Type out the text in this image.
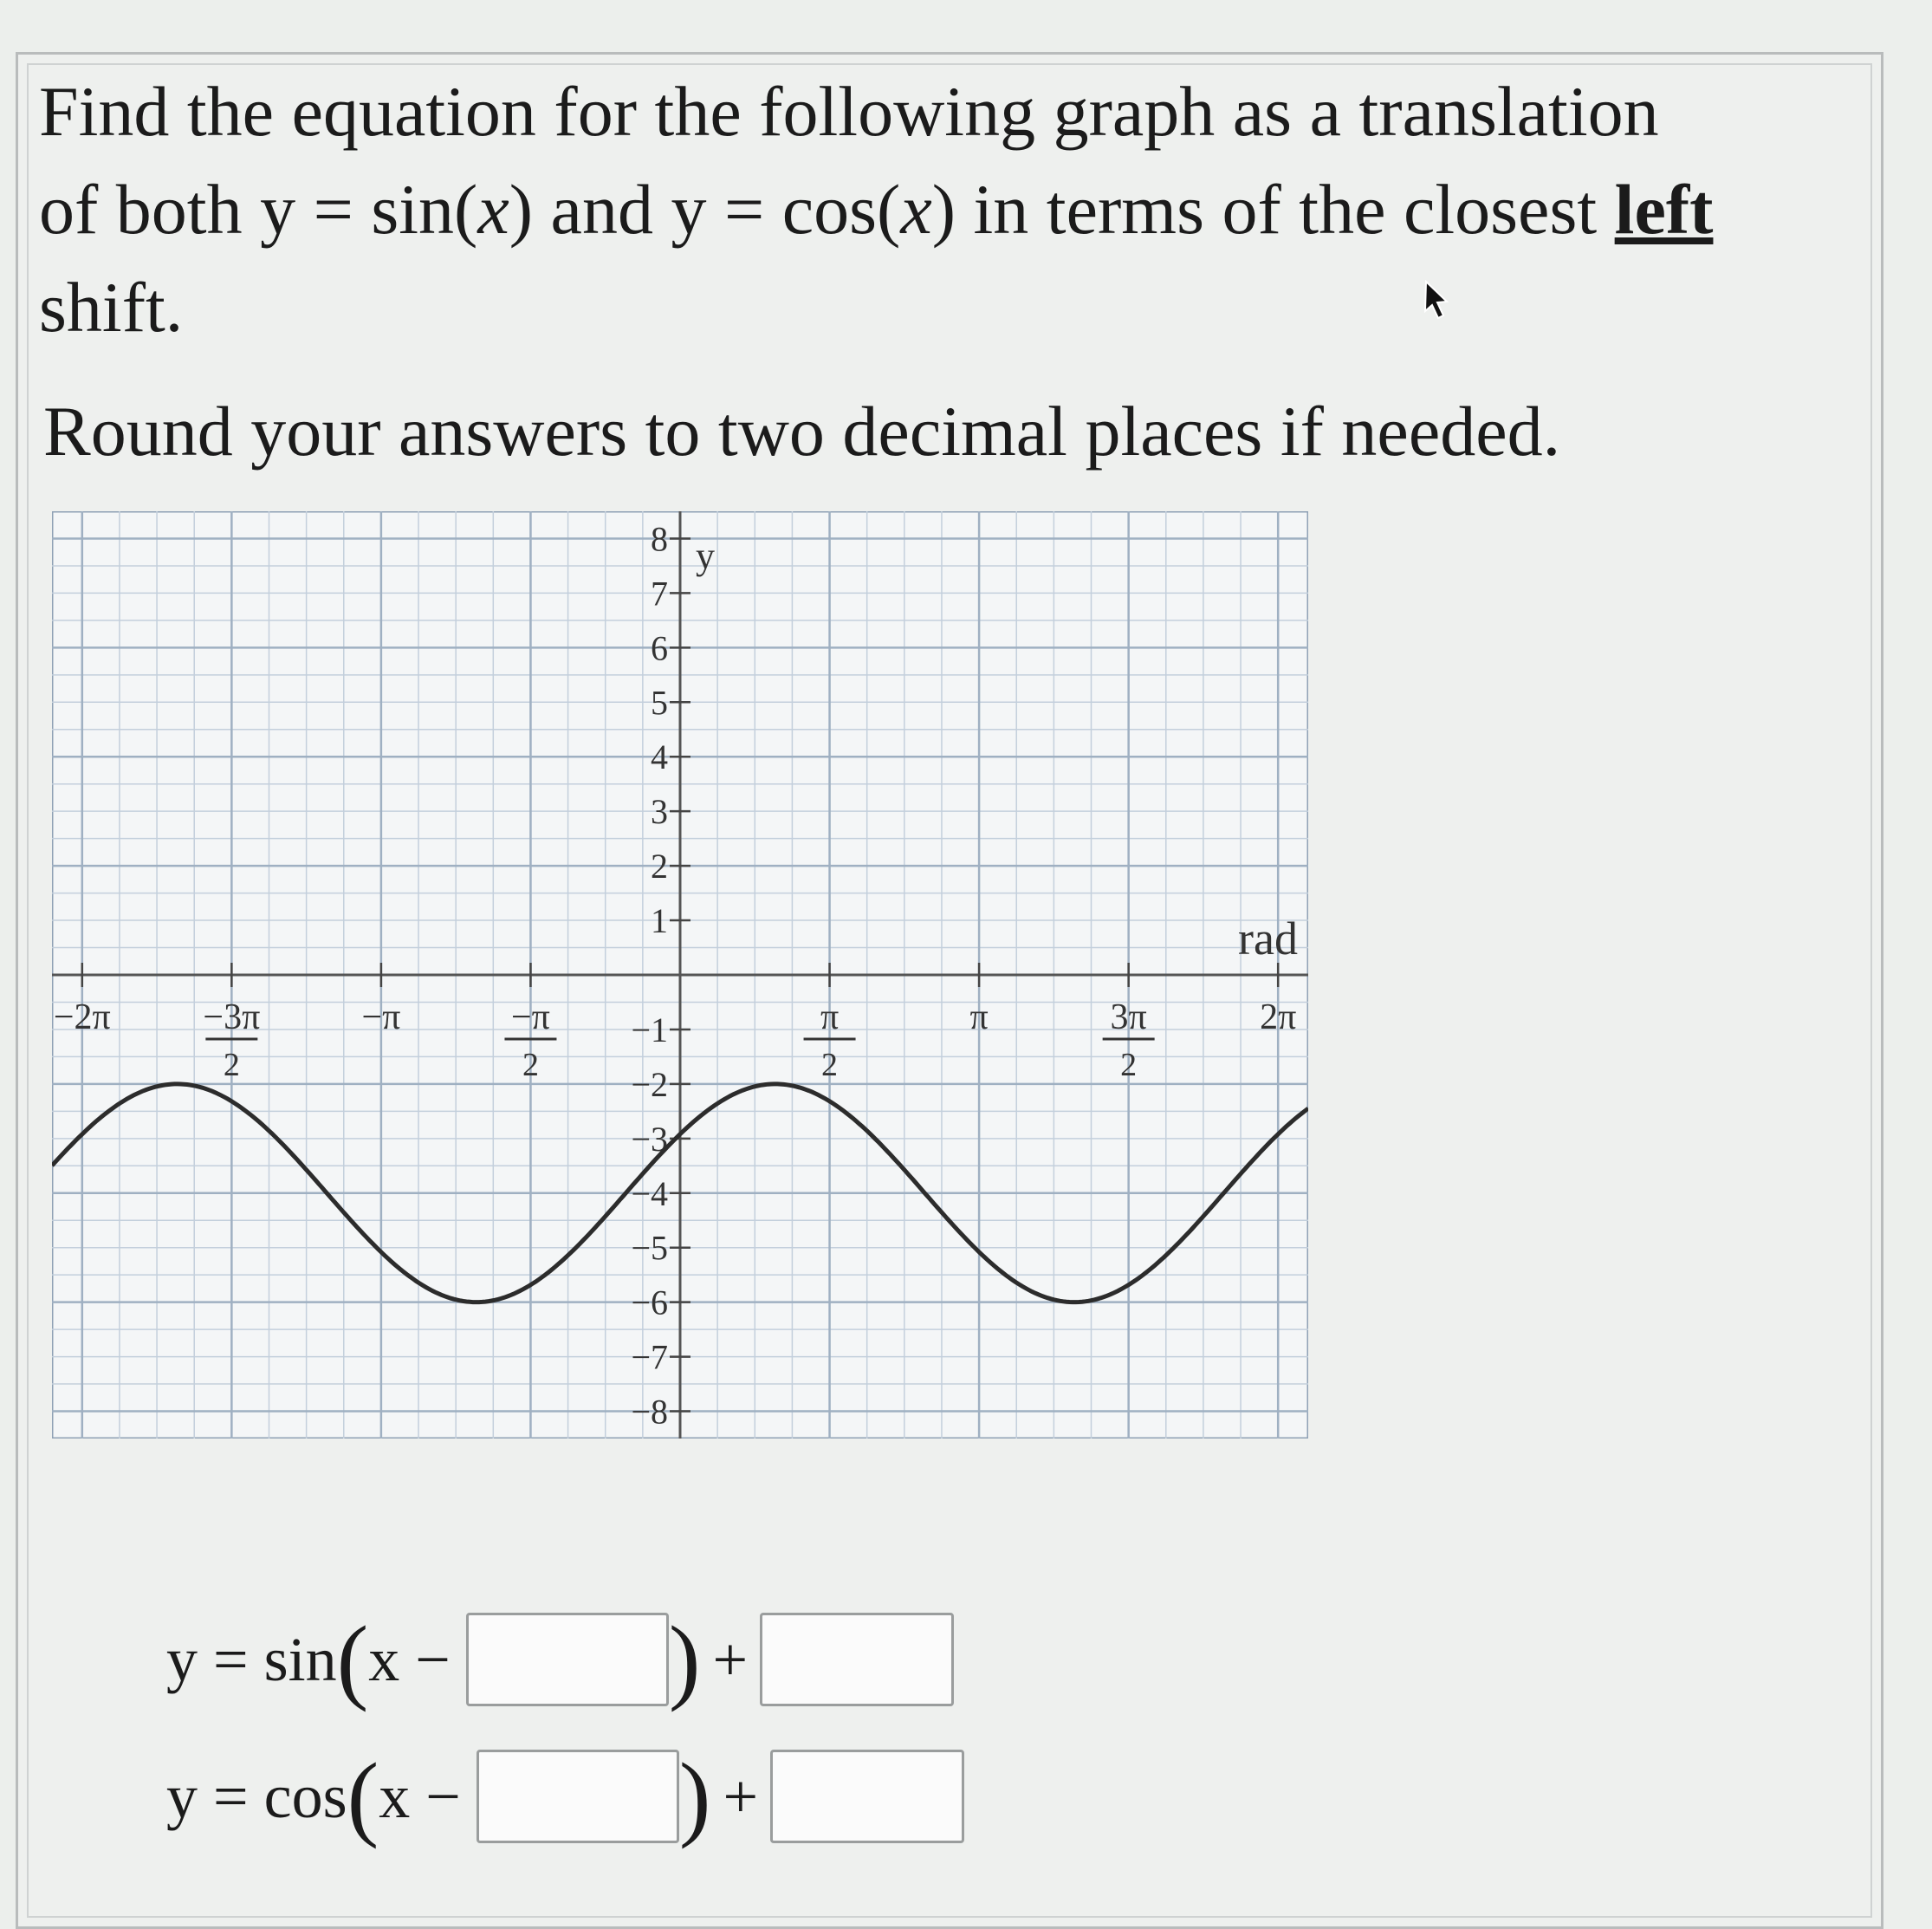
Find the equation for the following graph as a translation
of both y = sin(x) and y = cos(x) in terms of the closest left
shift.

Round your answers to two decimal places if needed.

8
7
6
5
4
3
2
1
−1
−2
−3
−4
−5
−6
−7
−8
−2π	−3π
2
−π	−π
2
π
2
π	3π
2
2π
y
rad
y =
sin ( x −
) +
y =
cos ( x −
) +
